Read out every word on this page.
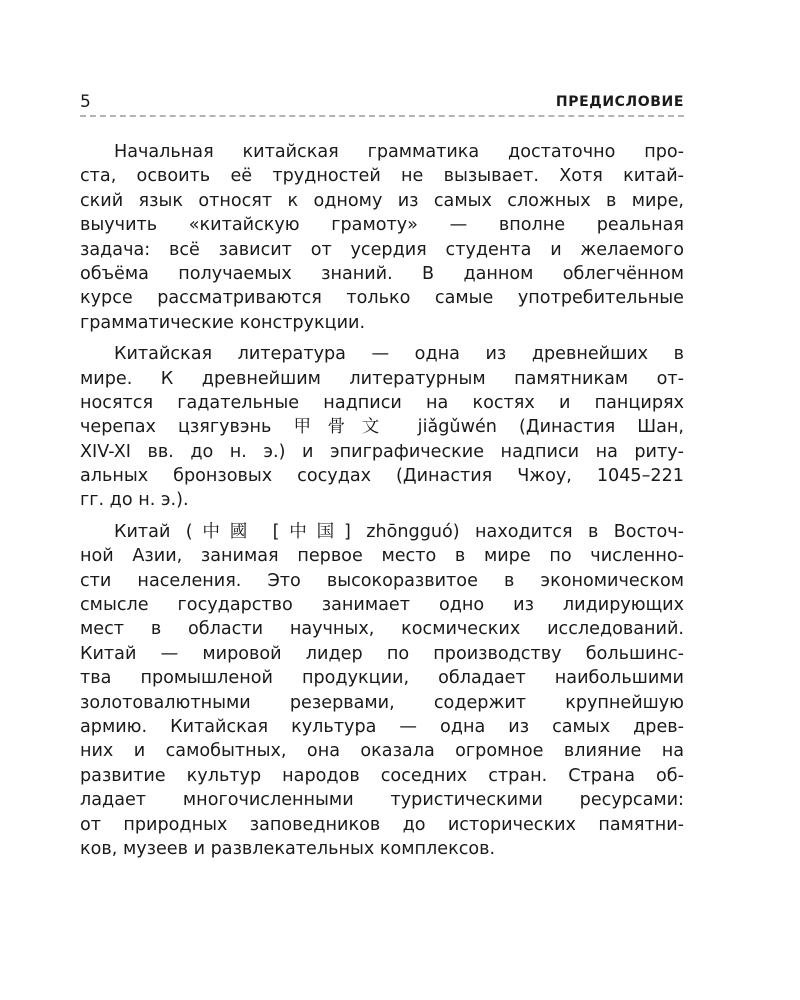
5	ПРЕДИСЛОВИЕ
Начальная китайская грамматика достаточно про-
ста, освоить её трудностей не вызывает. Хотя китай-
ский язык относят к одному из самых сложных в мире,
выучить «китайскую грамоту» — вполне реальная
задача: всё зависит от усердия студента и желаемого
объёма получаемых знаний. В данном облегчённом
курсе рассматриваются только самые употребительные
грамматические конструкции.
Китайская литература — одна из древнейших в
мире. К древнейшим литературным памятникам от-
носятся гадательные надписи на костях и панцирях
черепах цзягувэнь 甲骨文 jiǎgǔwén (Династия Шан,
XIV-XI вв. до н. э.) и эпиграфические надписи на риту-
альных бронзовых сосудах (Династия Чжоу, 1045–221
гг. до н. э.).
Китай (中國 [中国] zhōngguó) находится в Восточ-
ной Азии, занимая первое место в мире по численно-
сти населения. Это высокоразвитое в экономическом
смысле государство занимает одно из лидирующих
мест в области научных, космических исследований.
Китай — мировой лидер по производству большинс-
тва промышленой продукции, обладает наибольшими
золотовалютными резервами, содержит крупнейшую
армию. Китайская культура — одна из самых древ-
них и самобытных, она оказала огромное влияние на
развитие культур народов соседних стран. Страна об-
ладает многочисленными туристическими ресурсами:
от природных заповедников до исторических памятни-
ков, музеев и развлекательных комплексов.
